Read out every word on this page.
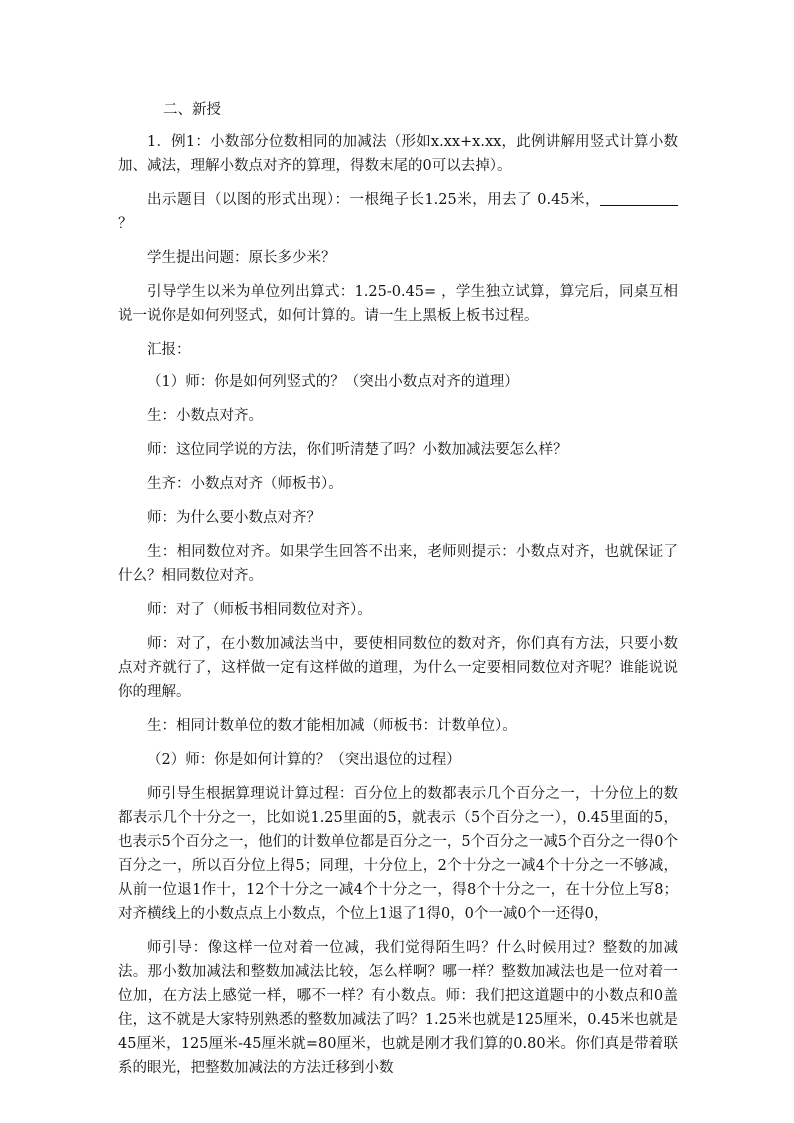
二、新授

1．例1：小数部分位数相同的加减法（形如x.xx+x.xx，此例讲解用竖式计算小数加、减法，理解小数点对齐的算理，得数末尾的0可以去掉）。

出示题目（以图的形式出现）：一根绳子长1.25米，用去了 0.45米，？

学生提出问题：原长多少米？

引导学生以米为单位列出算式：1.25-0.45= ，学生独立试算，算完后，同桌互相说一说你是如何列竖式，如何计算的。请一生上黑板上板书过程。

汇报：

（1）师：你是如何列竖式的？（突出小数点对齐的道理）

生：小数点对齐。

师：这位同学说的方法，你们听清楚了吗？小数加减法要怎么样？

生齐：小数点对齐（师板书）。

师：为什么要小数点对齐？

生：相同数位对齐。如果学生回答不出来，老师则提示：小数点对齐，也就保证了什么？相同数位对齐。

师：对了（师板书相同数位对齐）。

师：对了，在小数加减法当中，要使相同数位的数对齐，你们真有方法，只要小数点对齐就行了，这样做一定有这样做的道理，为什么一定要相同数位对齐呢？谁能说说你的理解。

生：相同计数单位的数才能相加减（师板书：计数单位）。

（2）师：你是如何计算的？（突出退位的过程）

师引导生根据算理说计算过程：百分位上的数都表示几个百分之一，十分位上的数都表示几个十分之一，比如说1.25里面的5，就表示（5个百分之一），0.45里面的5，也表示5个百分之一，他们的计数单位都是百分之一，5个百分之一减5个百分之一得0个百分之一，所以百分位上得5；同理，十分位上，2个十分之一减4个十分之一不够减，从前一位退1作十，12个十分之一减4个十分之一，得8个十分之一，在十分位上写8；对齐横线上的小数点点上小数点，个位上1退了1得0，0个一减0个一还得0，

师引导：像这样一位对着一位减，我们觉得陌生吗？什么时候用过？整数的加减法。那小数加减法和整数加减法比较，怎么样啊？哪一样？整数加减法也是一位对着一位加，在方法上感觉一样，哪不一样？有小数点。师：我们把这道题中的小数点和0盖住，这不就是大家特别熟悉的整数加减法了吗？1.25米也就是125厘米，0.45米也就是45厘米，125厘米-45厘米就=80厘米，也就是刚才我们算的0.80米。你们真是带着联系的眼光，把整数加减法的方法迁移到小数
